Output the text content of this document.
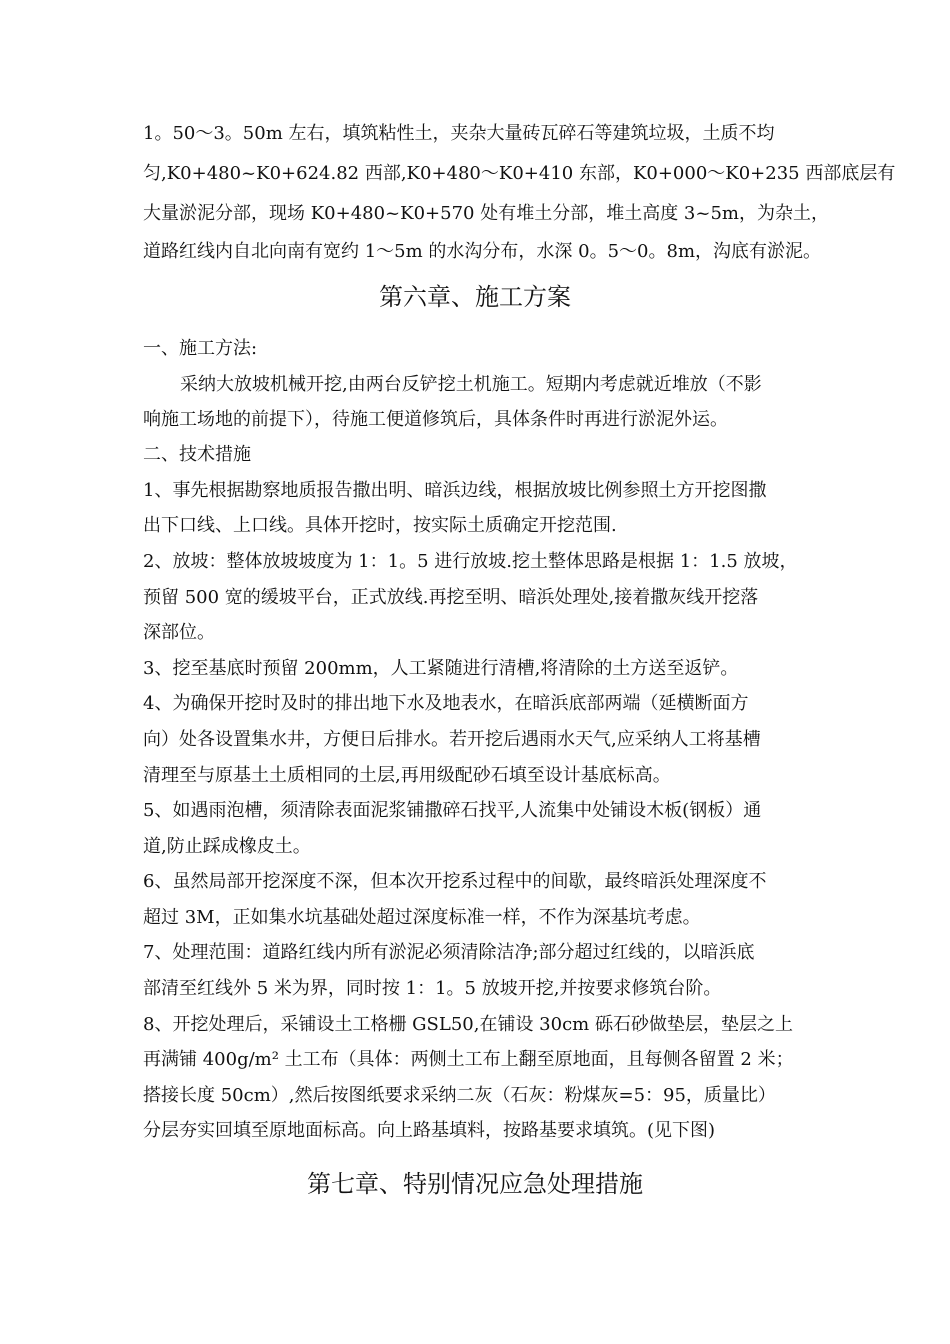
1。50～3。50m 左右，填筑粘性土，夹杂大量砖瓦碎石等建筑垃圾，土质不均
匀,K0+480~K0+624.82 西部,K0+480～K0+410 东部，K0+000～K0+235 西部底层有
大量淤泥分部，现场 K0+480~K0+570 处有堆土分部，堆土高度 3~5m，为杂土，
道路红线内自北向南有宽约 1～5m 的水沟分布，水深 0。5～0。8m，沟底有淤泥。
第六章、施工方案
一、施工方法:
采纳大放坡机械开挖,由两台反铲挖土机施工。短期内考虑就近堆放（不影
响施工场地的前提下），待施工便道修筑后，具体条件时再进行淤泥外运。
二、技术措施
1、事先根据勘察地质报告撒出明、暗浜边线，根据放坡比例参照土方开挖图撒
出下口线、上口线。具体开挖时，按实际土质确定开挖范围.
2、放坡：整体放坡坡度为 1：1。5 进行放坡.挖土整体思路是根据 1：1.5 放坡，
预留 500 宽的缓坡平台，正式放线.再挖至明、暗浜处理处,接着撒灰线开挖落
深部位。
3、挖至基底时预留 200mm，人工紧随进行清槽,将清除的土方送至返铲。
4、为确保开挖时及时的排出地下水及地表水，在暗浜底部两端（延横断面方
向）处各设置集水井，方便日后排水。若开挖后遇雨水天气,应采纳人工将基槽
清理至与原基土土质相同的土层,再用级配砂石填至设计基底标高。
5、如遇雨泡槽，须清除表面泥浆铺撒碎石找平,人流集中处铺设木板(钢板）通
道,防止踩成橡皮土。
6、虽然局部开挖深度不深，但本次开挖系过程中的间歇，最终暗浜处理深度不
超过 3M，正如集水坑基础处超过深度标准一样，不作为深基坑考虑。
7、处理范围：道路红线内所有淤泥必须清除洁净;部分超过红线的，以暗浜底
部清至红线外 5 米为界，同时按 1：1。5 放坡开挖,并按要求修筑台阶。
8、开挖处理后，采铺设土工格栅 GSL50,在铺设 30cm 砾石砂做垫层，垫层之上
再满铺 400g/m² 土工布（具体：两侧土工布上翻至原地面，且每侧各留置 2 米；
搭接长度 50cm）,然后按图纸要求采纳二灰（石灰：粉煤灰=5：95，质量比）
分层夯实回填至原地面标高。向上路基填料，按路基要求填筑。(见下图)
第七章、特别情况应急处理措施
